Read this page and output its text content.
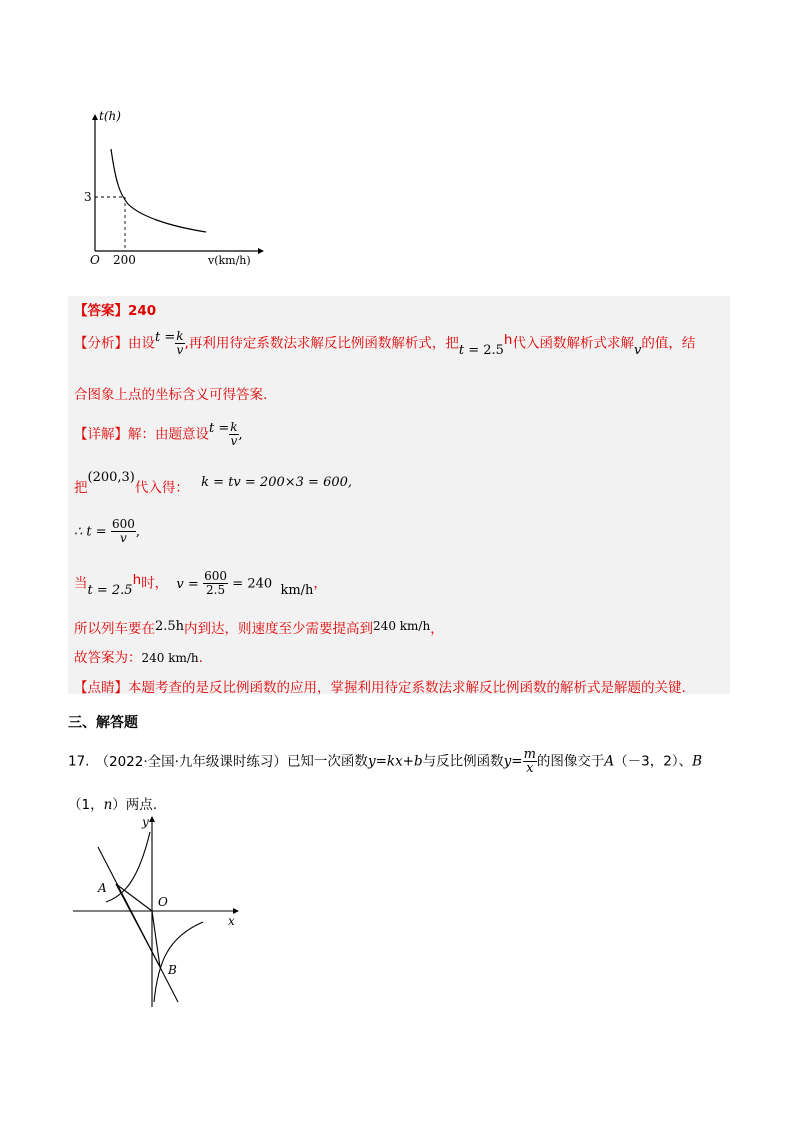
t(h)
v(km/h)
O
3
200
【答案】240
【分析】由设$t = \frac{k}{v}$ ,再利用待定系数法求解反比例函数解析式，把t = 2.5h代入函数解析式求解v的值，结
合图象上点的坐标含义可得答案.
【详解】解：由题意设$t = \frac{k}{v}$ ,
把(200,3)代入得： k = tv = 200×3 = 600,
∴ $t = \frac{600}{v}$ ,
当t = 2.5h时， $v = \frac{600}{2.5} = 240$ km/h，
所以列车要在2.5h内到达，则速度至少需要提高到240 km/h，
故答案为：240 km/h.
【点睛】本题考查的是反比例函数的应用，掌握利用待定系数法求解反比例函数的解析式是解题的关键.
三、解答题
17. （2022·全国·九年级课时练习）已知一次函数y=kx+b与反比例函数$y= \frac{m}{x}$ 的图像交于A（－3，2）、B
（1，n）两点.
y
x
O
A
B
